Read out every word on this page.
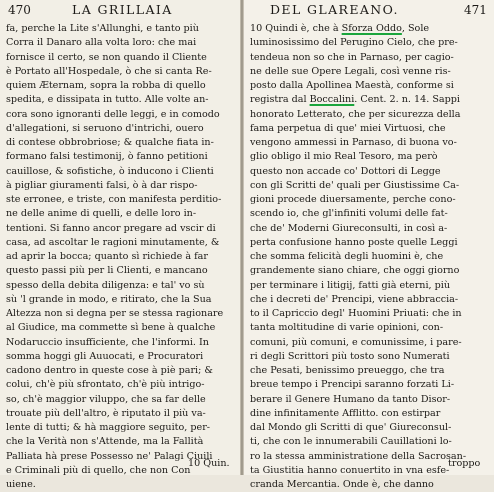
470	LA GRILLAIA
fa, perche la Lite s'Allunghi, e tanto più
Corra il Danaro alla volta loro: che mai
fornisce il certo, se non quando il Cliente
è Portato all'Hospedale, ò che si canta Re-
quiem Æternam, sopra la robba di quello
spedita, e dissipata in tutto. Alle volte an-
cora sono ignoranti delle leggi, e in comodo
d'allegationi, si seruono d'intrichi, ouero
di contese obbrobriose; & qualche fiata in-
formano falsi testimonij, ò fanno petitioni
cauillose, & sofistiche, ò inducono i Clienti
à pigliar giuramenti falsi, ò à dar rispo-
ste erronee, e triste, con manifesta perditio-
ne delle anime di quelli, e delle loro in-
tentioni. Si fanno ancor pregare ad vscir di
casa, ad ascoltar le ragioni minutamente, &
ad aprir la bocca; quanto sì richiede à far
questo passi più per li Clienti, e mancano
spesso della debita diligenza: e tal' vo sù
sù 'l grande in modo, e ritirato, che la Sua
Altezza non si degna per se stessa ragionare
al Giudice, ma commette sì bene à qualche
Nodaruccio insufficiente, che l'informi. In
somma hoggi gli Auuocati, e Procuratori
cadono dentro in queste cose à piè pari; &
colui, ch'è più sfrontato, ch'è più intrigo-
so, ch'è maggior viluppo, che sa far delle
trouate più dell'altro, è riputato il più va-
lente di tutti; & hà maggiore seguito, per-
che la Verità non s'Attende, ma la Fallità
Palliata hà prese Possesso ne' Palagi Ciuili
e Criminali più di quello, che non Con
uiene.
10 Quin.
DEL GLAREANO.	471
10 Quindi è, che à Sforza Oddo, Sole
luminosissimo del Perugino Cielo, che pre-
tendeua non so che in Parnaso, per cagio-
ne delle sue Opere Legali, così venne ris-
posto dalla Apollinea Maestà, conforme si
registra dal Boccalini. Cent. 2. n. 14. Sappi
honorato Letterato, che per sicurezza della
fama perpetua di que' miei Virtuosi, che
vengono ammessi in Parnaso, di buona vo-
glio obligo il mio Real Tesoro, ma però
questo non accade co' Dottori di Legge
con gli Scritti de' quali per Giustissime Ca-
gioni procede diuersamente, perche cono-
scendo io, che gl'infiniti volumi delle fat-
che de' Moderni Giureconsulti, in così a-
perta confusione hanno poste quelle Leggi
che somma felicità degli huomini è, che
grandemente siano chiare, che oggi giorno
per terminare i litigij, fatti già eterni, più
che i decreti de' Prencipi, viene abbraccia-
to il Capriccio degl' Huomini Priuati: che in
tanta moltitudine di varie opinioni, con-
comuni, più comuni, e comunissime, i pare-
ri degli Scrittori più tosto sono Numerati
che Pesati, benissimo preueggo, che tra
breue tempo i Prencipi saranno forzati Li-
berare il Genere Humano da tanto Disor-
dine infinitamente Afflitto. con estirpar
dal Mondo gli Scritti di que' Giureconsul-
ti, che con le innumerabili Cauillationi lo-
ro la stessa amministratione della Sacrosan-
ta Giustitia hanno conuertito in vna esfe-
cranda Mercantia. Onde è, che danno
troppo
